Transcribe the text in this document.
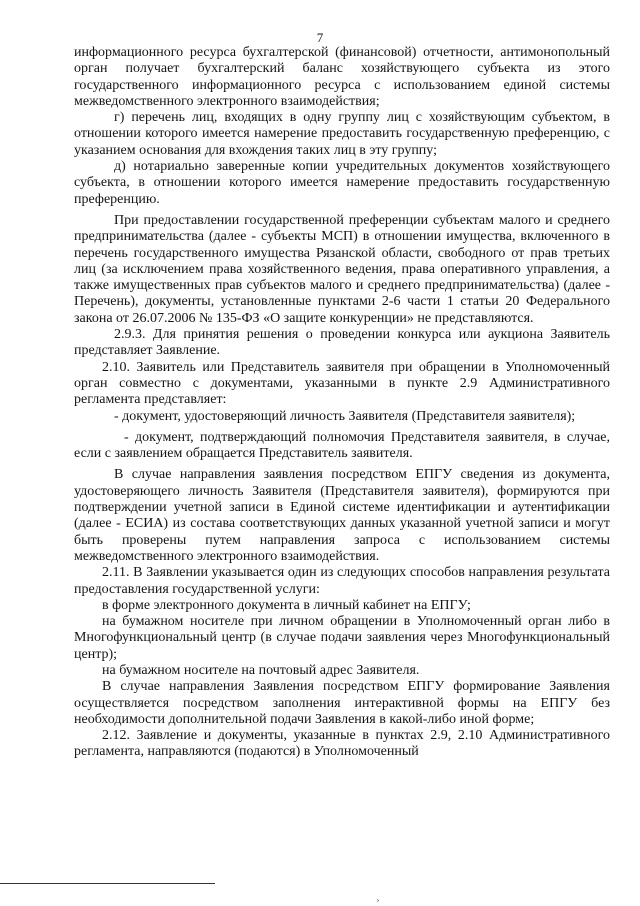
7

информационного ресурса бухгалтерской (финансовой) отчетности, антимонопольный орган получает бухгалтерский баланс хозяйствующего субъекта из этого государственного информационного ресурса с использованием единой системы межведомственного электронного взаимодействия;

г) перечень лиц, входящих в одну группу лиц с хозяйствующим субъектом, в отношении которого имеется намерение предоставить государственную преференцию, с указанием основания для вхождения таких лиц в эту группу;

д) нотариально заверенные копии учредительных документов хозяйствующего субъекта, в отношении которого имеется намерение предоставить государственную преференцию.

При предоставлении государственной преференции субъектам малого и среднего предпринимательства (далее - субъекты МСП) в отношении имущества, включенного в перечень государственного имущества Рязанской области, свободного от прав третьих лиц (за исключением права хозяйственного ведения, права оперативного управления, а также имущественных прав субъектов малого и среднего предпринимательства) (далее - Перечень), документы, установленные пунктами 2-6 части 1 статьи 20 Федерального закона от 26.07.2006 № 135-ФЗ «О защите конкуренции» не представляются.

2.9.3. Для принятия решения о проведении конкурса или аукциона Заявитель представляет Заявление.

2.10. Заявитель или Представитель заявителя при обращении в Уполномоченный орган совместно с документами, указанными в пункте 2.9 Административного регламента представляет:

- документ, удостоверяющий личность Заявителя (Представителя заявителя);

- документ, подтверждающий полномочия Представителя заявителя, в случае, если с заявлением обращается Представитель заявителя.

В случае направления заявления посредством ЕПГУ сведения из документа, удостоверяющего личность Заявителя (Представителя заявителя), формируются при подтверждении учетной записи в Единой системе идентификации и аутентификации (далее - ЕСИА) из состава соответствующих данных указанной учетной записи и могут быть проверены путем направления запроса с использованием системы межведомственного электронного взаимодействия.

2.11. В Заявлении указывается один из следующих способов направления результата предоставления государственной услуги:

в форме электронного документа в личный кабинет на ЕПГУ;

на бумажном носителе при личном обращении в Уполномоченный орган либо в Многофункциональный центр (в случае подачи заявления через Многофункциональный центр);

на бумажном носителе на почтовый адрес Заявителя.

В случае направления Заявления посредством ЕПГУ формирование Заявления осуществляется посредством заполнения интерактивной формы на ЕПГУ без необходимости дополнительной подачи Заявления в какой-либо иной форме;

2.12. Заявление и документы, указанные в пунктах 2.9, 2.10 Административного регламента, направляются (подаются) в Уполномоченный

¸
